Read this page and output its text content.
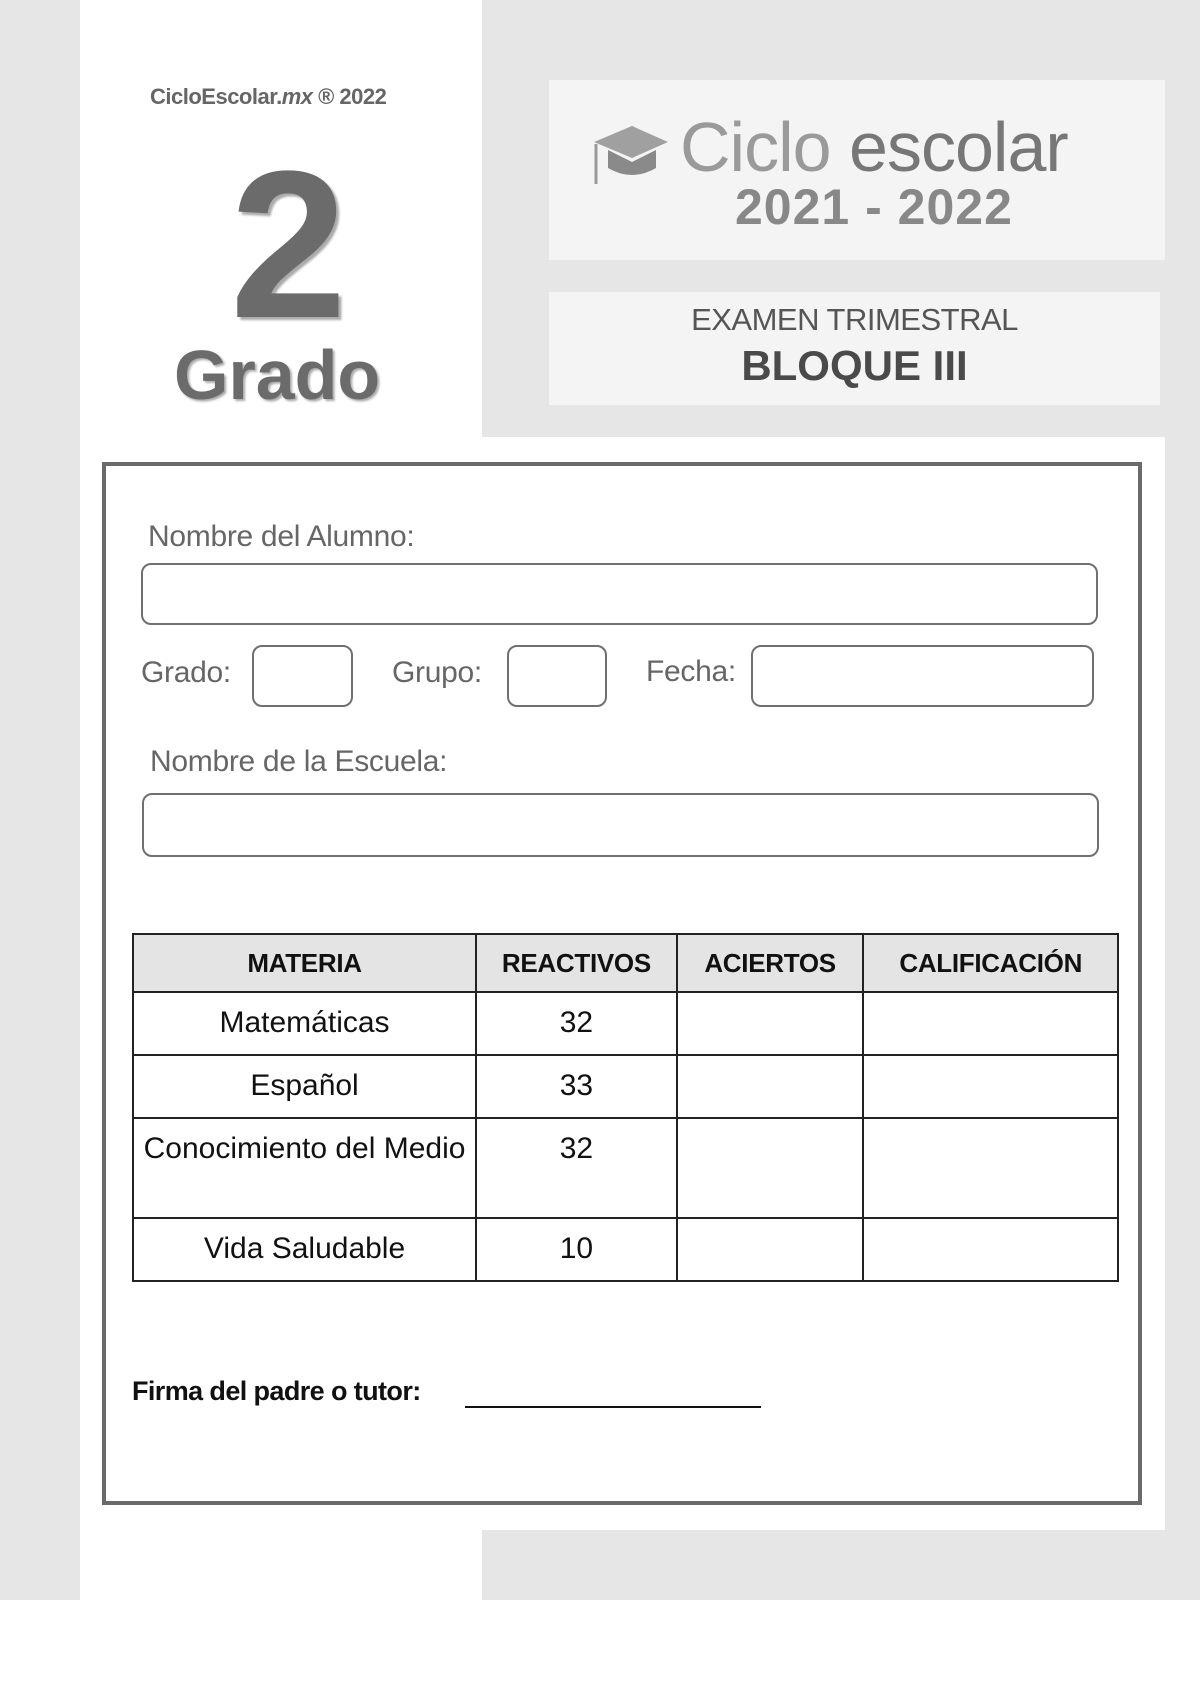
CicloEscolar.mx ® 2022
2
Grado
Ciclo escolar
2021 - 2022
EXAMEN TRIMESTRAL
BLOQUE III
Nombre del Alumno:
Grado:	Grupo:	Fecha:
Nombre de la Escuela:
MATERIA	REACTIVOS	ACIERTOS	CALIFICACIÓN
Matemáticas	32		
Español	33		
Conocimiento del Medio	32		
Vida Saludable	10		
Firma del padre o tutor:
